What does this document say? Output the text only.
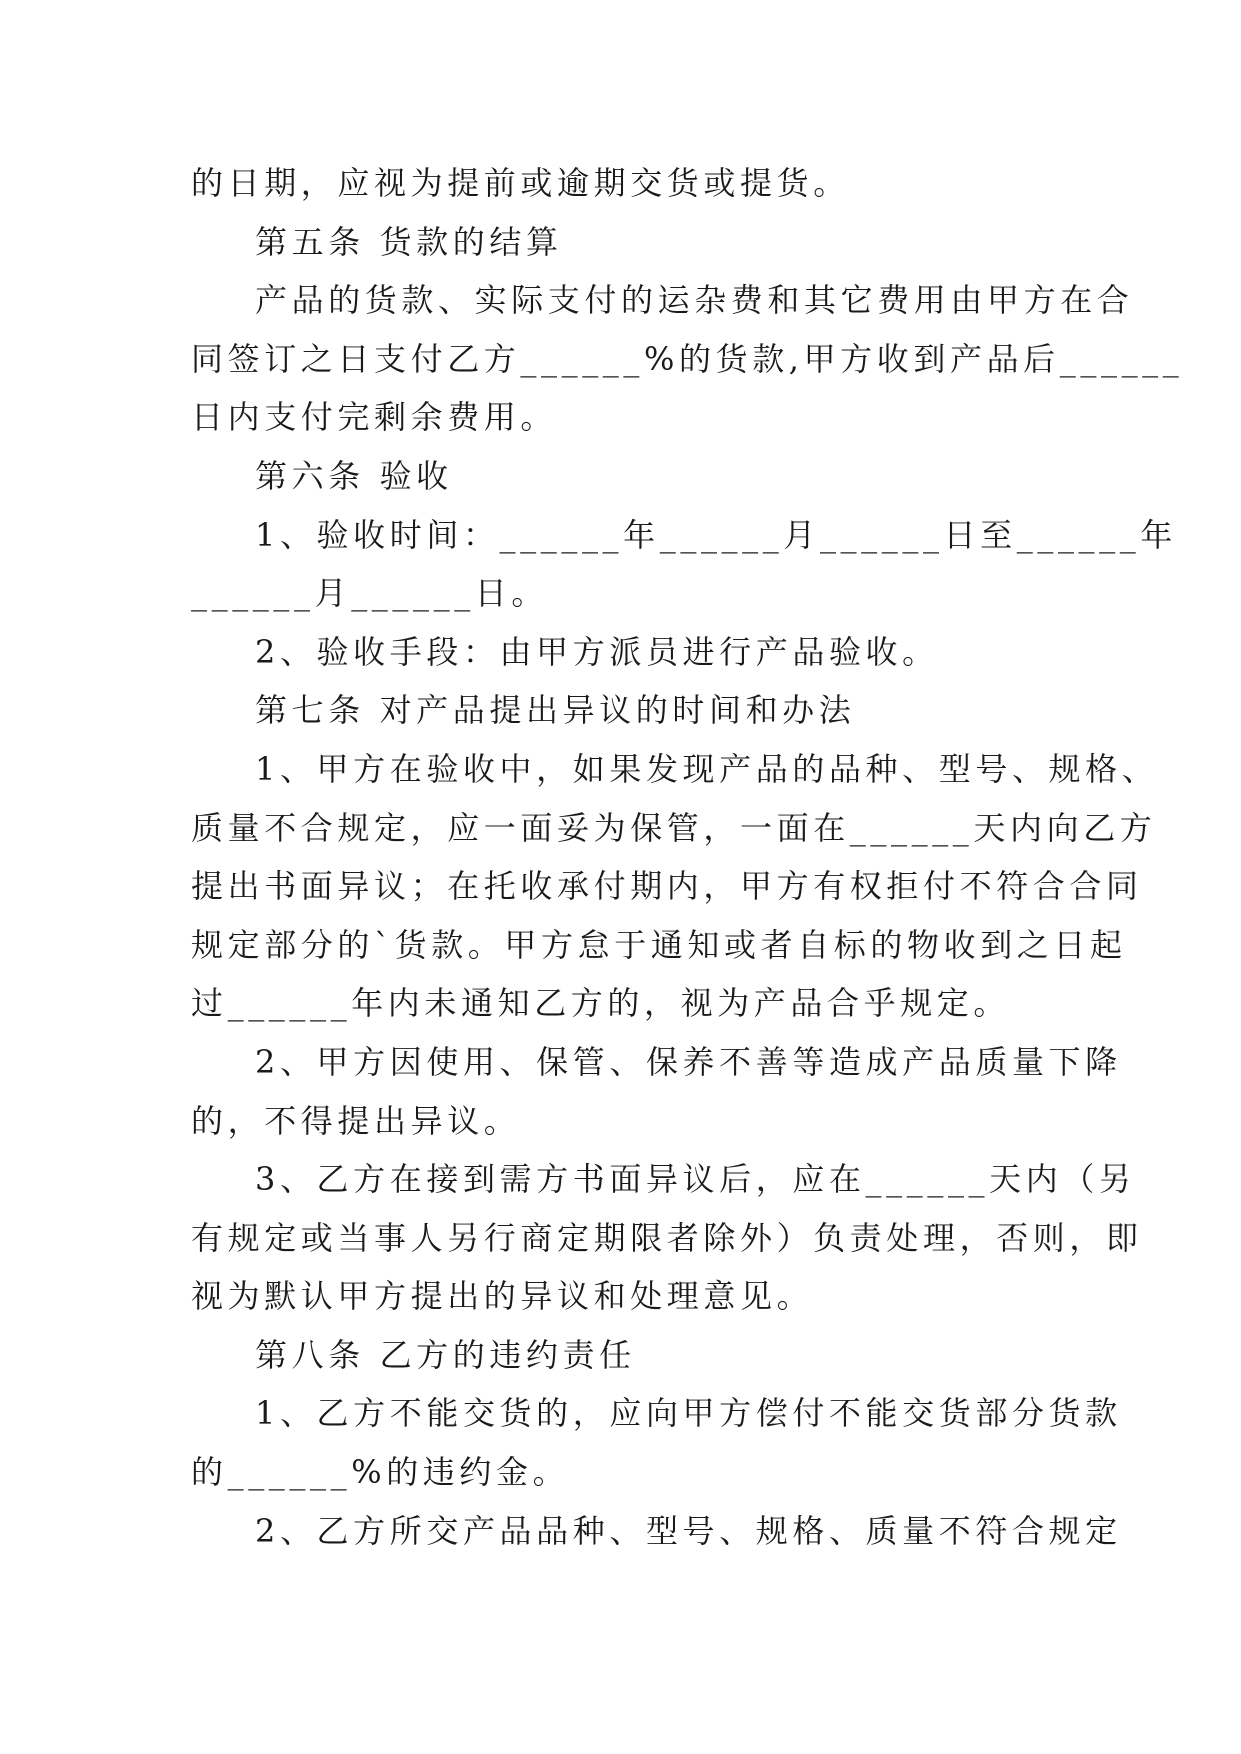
的日期，应视为提前或逾期交货或提货。
第五条 货款的结算
产品的货款、实际支付的运杂费和其它费用由甲方在合
同签订之日支付乙方______%的货款,甲方收到产品后______
日内支付完剩余费用。
第六条 验收
1、验收时间：______年______月______日至______年
______月______日。
2、验收手段：由甲方派员进行产品验收。
第七条 对产品提出异议的时间和办法
1、甲方在验收中，如果发现产品的品种、型号、规格、
质量不合规定，应一面妥为保管，一面在______天内向乙方
提出书面异议；在托收承付期内，甲方有权拒付不符合合同
规定部分的`货款。甲方怠于通知或者自标的物收到之日起
过______年内未通知乙方的，视为产品合乎规定。
2、甲方因使用、保管、保养不善等造成产品质量下降
的，不得提出异议。
3、乙方在接到需方书面异议后，应在______天内（另
有规定或当事人另行商定期限者除外）负责处理，否则，即
视为默认甲方提出的异议和处理意见。
第八条 乙方的违约责任
1、乙方不能交货的，应向甲方偿付不能交货部分货款
的______%的违约金。
2、乙方所交产品品种、型号、规格、质量不符合规定
